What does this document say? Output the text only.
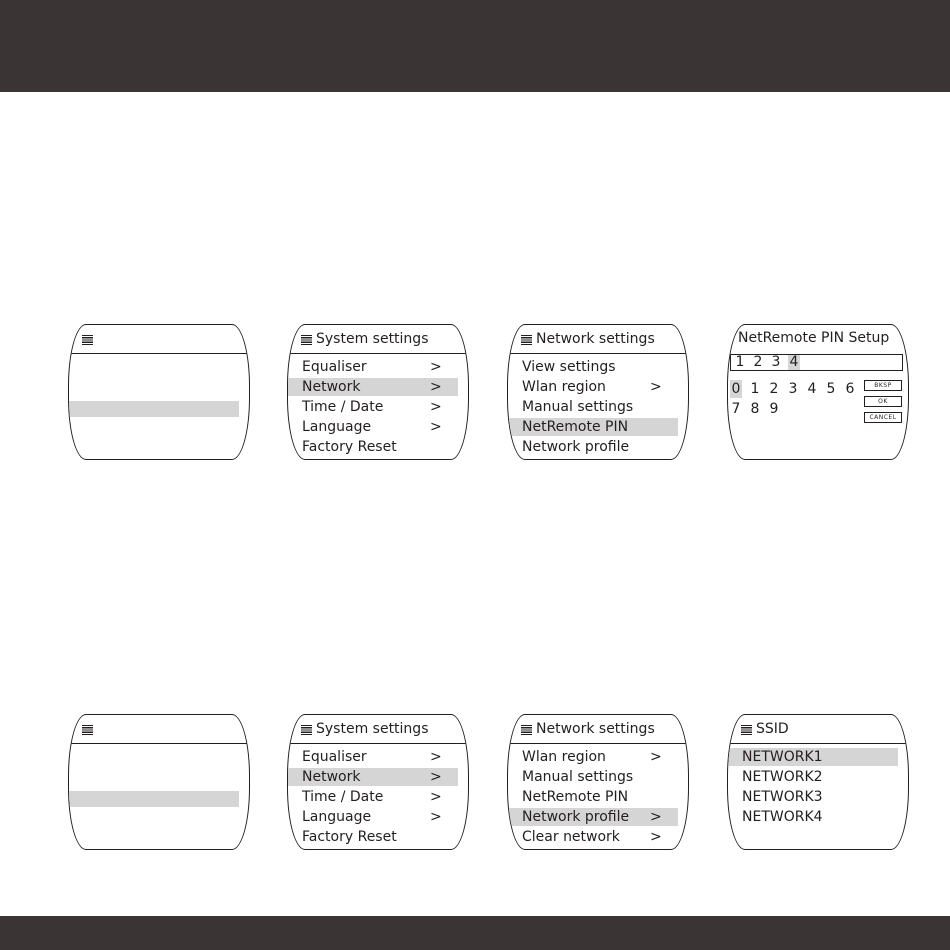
System settings
Equaliser	>
Network	>
Time / Date	>
Language	>
Factory Reset
Network settings
View settings
Wlan region	>
Manual settings
NetRemote PIN
Network profile
NetRemote PIN Setup
1 2 3 4
0 1 2 3 4 5 6
7 8 9
BKSP
OK
CANCEL
System settings
Equaliser	>
Network	>
Time / Date	>
Language	>
Factory Reset
Network settings
Wlan region	>
Manual settings
NetRemote PIN
Network profile >
Clear network >
SSID
NETWORK1
NETWORK2
NETWORK3
NETWORK4
